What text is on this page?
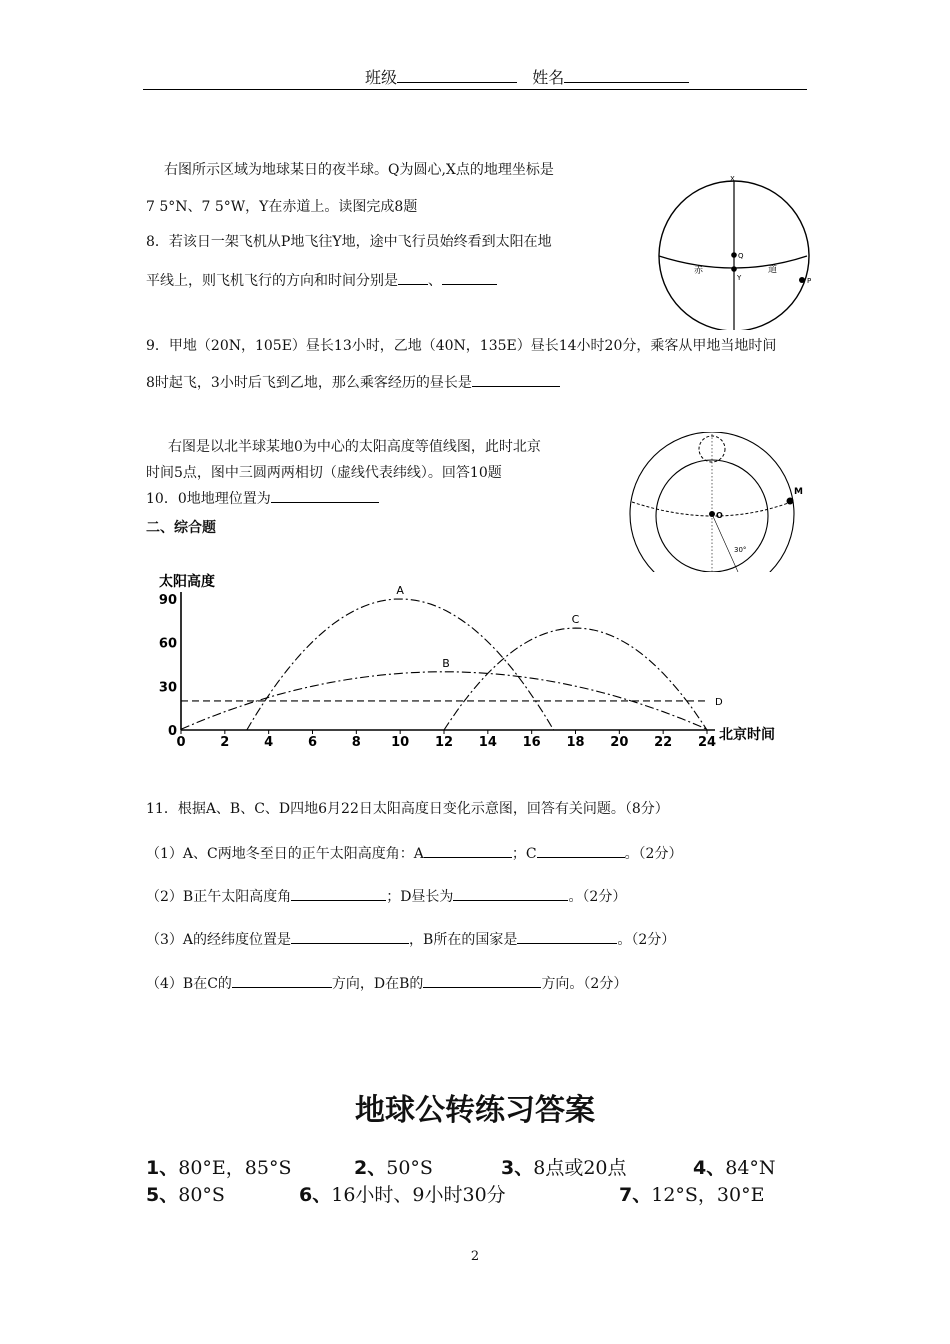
班级	姓名
右图所示区域为地球某日的夜半球。Q为圆心,X点的地理坐标是
7 5°N、7 5°W，Y在赤道上。读图完成8题
8．若该日一架飞机从P地飞往Y地，途中飞行员始终看到太阳在地
平线上，则飞机飞行的方向和时间分别是 、
X
Q
Y	P
赤	道
9．甲地（20N，105E）昼长13小时，乙地（40N，135E）昼长14小时20分，乘客从甲地当地时间
8时起飞，3小时后飞到乙地，那么乘客经历的昼长是
右图是以北半球某地0为中心的太阳高度等值线图，此时北京
时间5点，图中三圆两两相切（虚线代表纬线）。回答10题
10．0地地理位置为
O
M
30°
二、综合题
太阳高度
北京时间
0	2	4	6	8 10 12 14 16 18 20 22 24
0
30
60
90
A
B
C
D
11．根据A、B、C、D四地6月22日太阳高度日变化示意图，回答有关问题。（8分）
（1）A、C两地冬至日的正午太阳高度角：A	；C	。（2分）
（2）B正午太阳高度角	；D昼长为	。（2分）
（3）A的经纬度位置是	，B所在的国家是	。（2分）
（4）B在C的	方向，D在B的	方向。（2分）
地球公转练习答案
1、80°E，85°S	2、50°S	3、8点或20点	4、84°N
5、80°S	6、16小时、9小时30分	7、12°S，30°E
2
